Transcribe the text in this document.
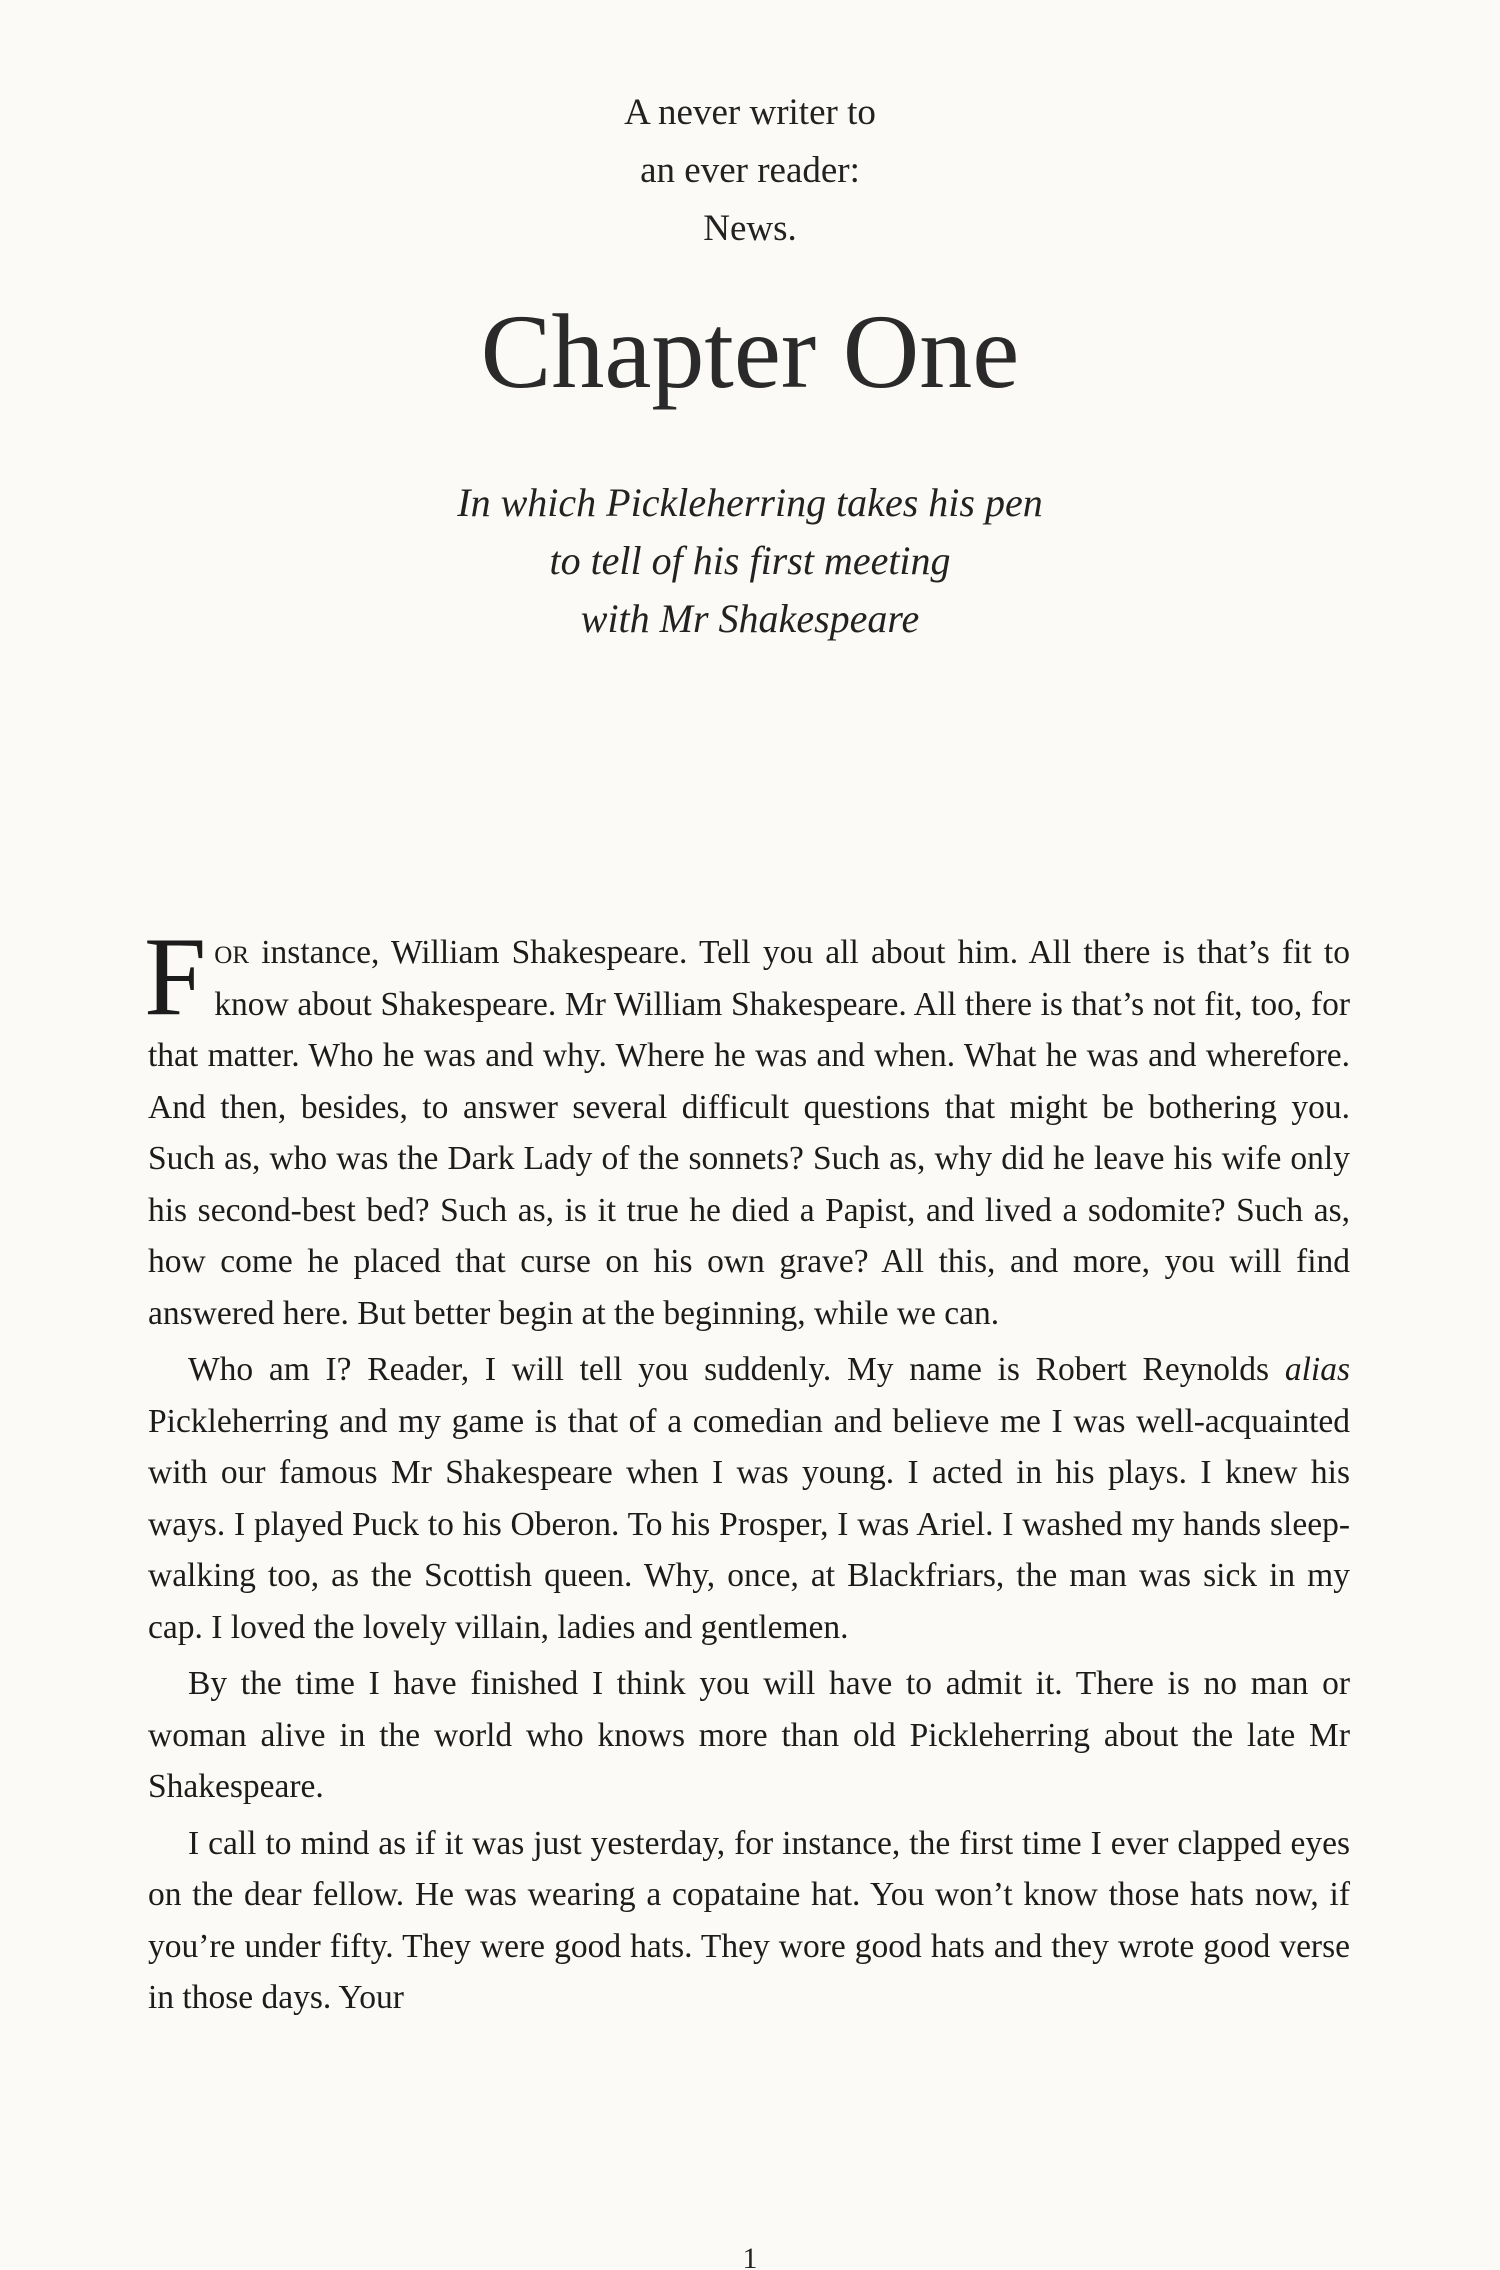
A never writer to
an ever reader:
News.
Chapter One
In which Pickleherring takes his pen
to tell of his first meeting
with Mr Shakespeare

For instance, William Shakespeare. Tell you all about him. All there is that’s fit to know about Shakespeare. Mr William Shakespeare. All there is that’s not fit, too, for that matter. Who he was and why. Where he was and when. What he was and wherefore. And then, besides, to answer several difficult questions that might be bothering you. Such as, who was the Dark Lady of the sonnets? Such as, why did he leave his wife only his second-best bed? Such as, is it true he died a Papist, and lived a sodomite? Such as, how come he placed that curse on his own grave? All this, and more, you will find answered here. But better begin at the beginning, while we can.

Who am I? Reader, I will tell you suddenly. My name is Robert Reynolds alias Pickleherring and my game is that of a comedian and believe me I was well-acquainted with our famous Mr Shakespeare when I was young. I acted in his plays. I knew his ways. I played Puck to his Oberon. To his Prosper, I was Ariel. I washed my hands sleep-walking too, as the Scottish queen. Why, once, at Blackfriars, the man was sick in my cap. I loved the lovely villain, ladies and gentlemen.

By the time I have finished I think you will have to admit it. There is no man or woman alive in the world who knows more than old Pickleherring about the late Mr Shakespeare.

I call to mind as if it was just yesterday, for instance, the first time I ever clapped eyes on the dear fellow. He was wearing a copataine hat. You won’t know those hats now, if you’re under fifty. They were good hats. They wore good hats and they wrote good verse in those days. Your

1
